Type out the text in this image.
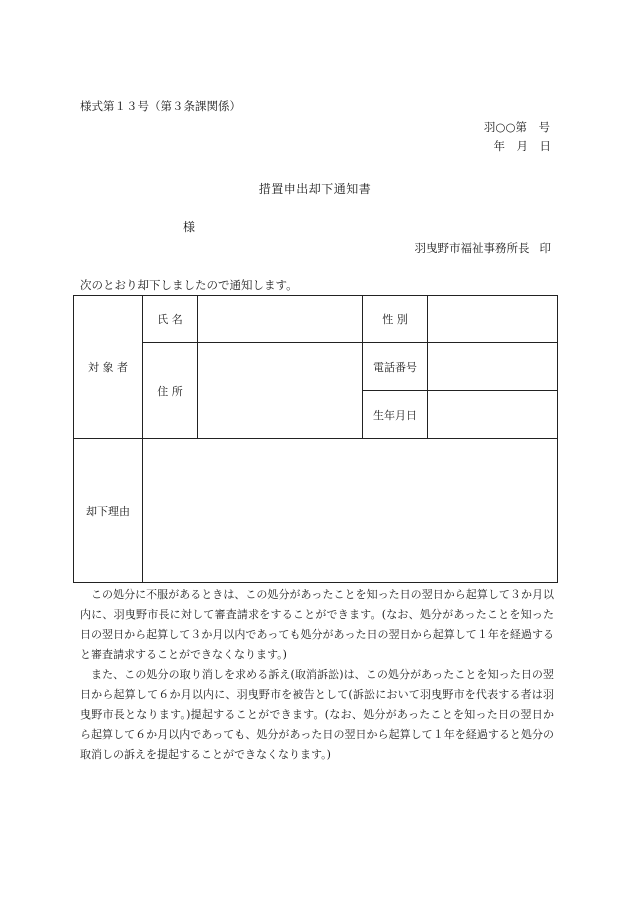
様式第１３号（第３条課関係）
羽○○第　号
年　月　日
措置申出却下通知書
様
羽曳野市福祉事務所長 印
次のとおり却下しましたので通知します。
対 象 者	氏 名		性 別	
	住 所		電話番号	
			生年月日	
却下理由				

この処分に不服があるときは、この処分があったことを知った日の翌日から起算して３か月以内に、羽曳野市長に対して審査請求をすることができます。(なお、処分があったことを知った日の翌日から起算して３か月以内であっても処分があった日の翌日から起算して１年を経過すると審査請求することができなくなります。)

また、この処分の取り消しを求める訴え(取消訴訟)は、この処分があったことを知った日の翌日から起算して６か月以内に、羽曳野市を被告として(訴訟において羽曳野市を代表する者は羽曳野市長となります。)提起することができます。(なお、処分があったことを知った日の翌日から起算して６か月以内であっても、処分があった日の翌日から起算して１年を経過すると処分の取消しの訴えを提起することができなくなります。)
